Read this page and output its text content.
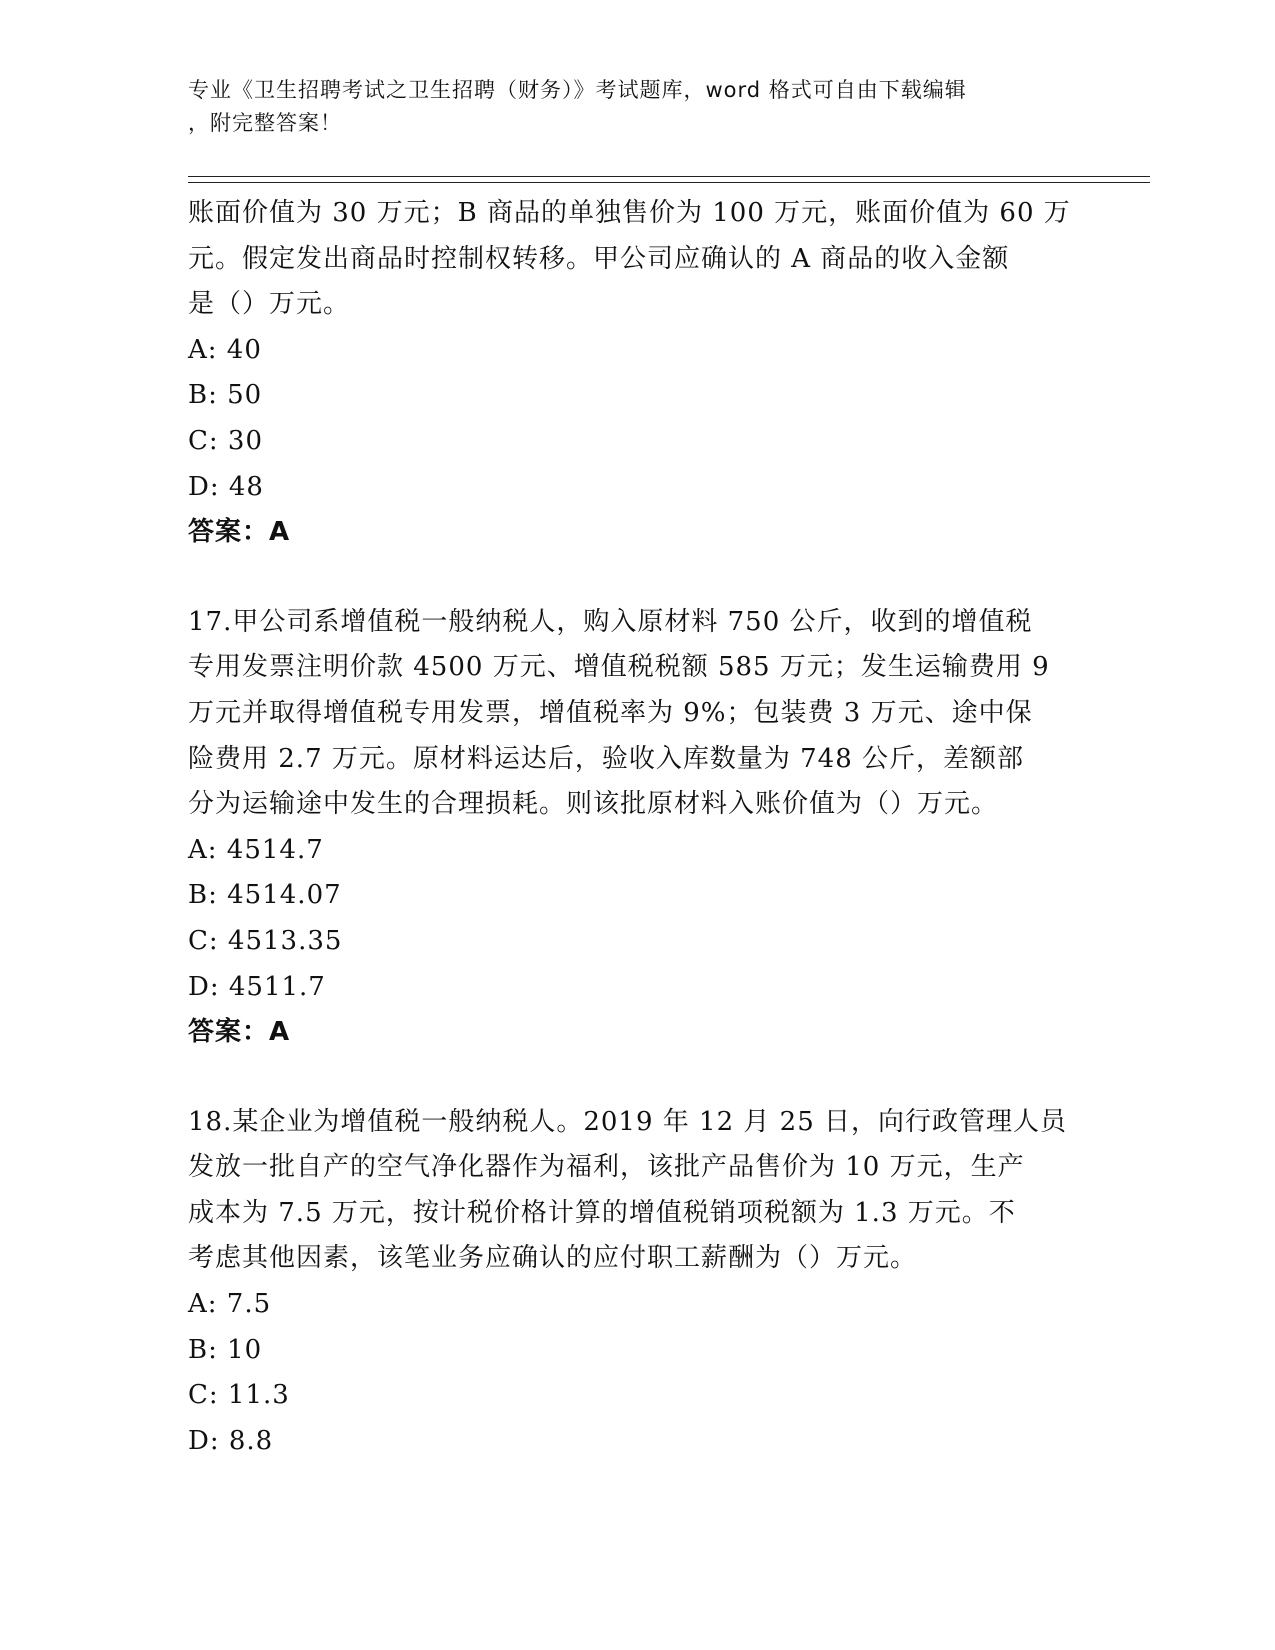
专业《卫生招聘考试之卫生招聘（财务）》考试题库，word 格式可自由下载编辑
，附完整答案！

账面价值为 30 万元；B 商品的单独售价为 100 万元，账面价值为 60 万

元。假定发出商品时控制权转移。甲公司应确认的 A 商品的收入金额

是（）万元。

A: 40

B: 50

C: 30

D: 48

答案：A

17.甲公司系增值税一般纳税人，购入原材料 750 公斤，收到的增值税

专用发票注明价款 4500 万元、增值税税额 585 万元；发生运输费用 9

万元并取得增值税专用发票，增值税率为 9%；包装费 3 万元、途中保

险费用 2.7 万元。原材料运达后，验收入库数量为 748 公斤，差额部

分为运输途中发生的合理损耗。则该批原材料入账价值为（）万元。

A: 4514.7

B: 4514.07

C: 4513.35

D: 4511.7

答案：A

18.某企业为增值税一般纳税人。2019 年 12 月 25 日，向行政管理人员

发放一批自产的空气净化器作为福利，该批产品售价为 10 万元，生产

成本为 7.5 万元，按计税价格计算的增值税销项税额为 1.3 万元。不

考虑其他因素，该笔业务应确认的应付职工薪酬为（）万元。

A: 7.5

B: 10

C: 11.3

D: 8.8
